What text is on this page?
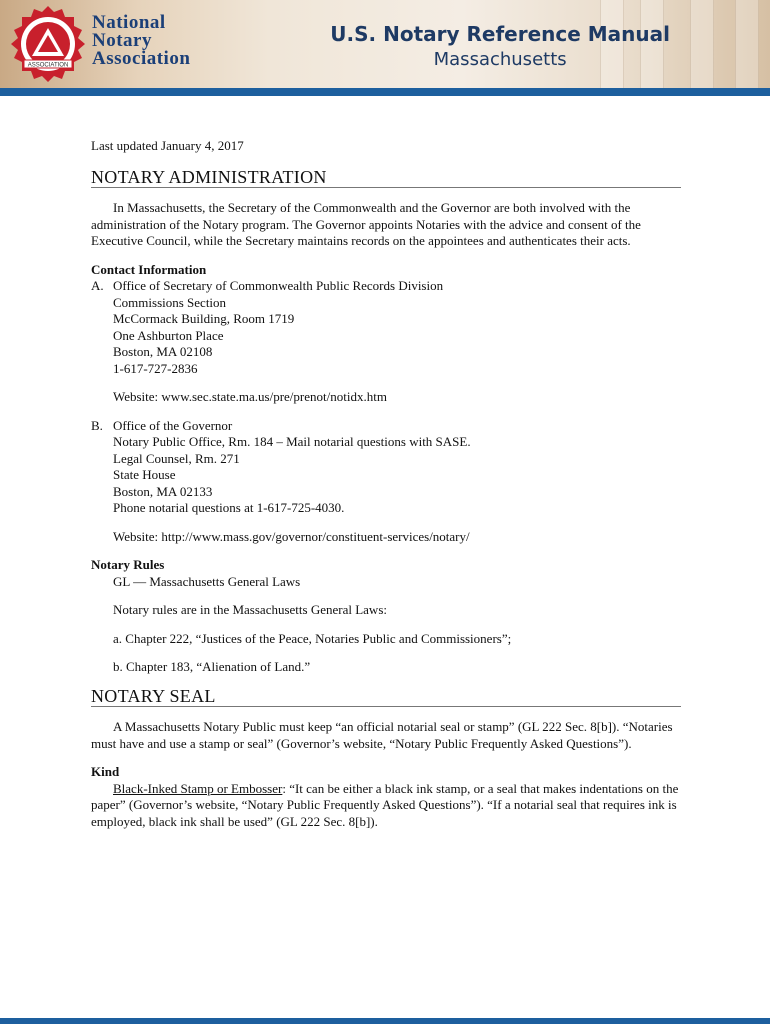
ASSOCIATION
National
Notary
Association
U.S. Notary Reference Manual
Massachusetts

Last updated January 4, 2017

NOTARY ADMINISTRATION

In Massachusetts, the Secretary of the Commonwealth and the Governor are both involved with the administration of the Notary program. The Governor appoints Notaries with the advice and consent of the Executive Council, while the Secretary maintains records on the appointees and authenticates their acts.

Contact Information

A. Office of Secretary of Commonwealth Public Records Division

Commissions Section

McCormack Building, Room 1719

One Ashburton Place

Boston, MA 02108

1-617-727-2836

Website: www.sec.state.ma.us/pre/prenot/notidx.htm

B. Office of the Governor

Notary Public Office, Rm. 184 – Mail notarial questions with SASE.

Legal Counsel, Rm. 271

State House

Boston, MA 02133

Phone notarial questions at 1-617-725-4030.

Website: http://www.mass.gov/governor/constituent-services/notary/

Notary Rules

GL — Massachusetts General Laws

Notary rules are in the Massachusetts General Laws:

a. Chapter 222, “Justices of the Peace, Notaries Public and Commissioners”;

b. Chapter 183, “Alienation of Land.”

NOTARY SEAL

A Massachusetts Notary Public must keep “an official notarial seal or stamp” (GL 222 Sec. 8[b]). “Notaries must have and use a stamp or seal” (Governor’s website, “Notary Public Frequently Asked Questions”).

Kind

Black-Inked Stamp or Embosser: “It can be either a black ink stamp, or a seal that makes indentations on the paper” (Governor’s website, “Notary Public Frequently Asked Questions”). “If a notarial seal that requires ink is employed, black ink shall be used” (GL 222 Sec. 8[b]).
